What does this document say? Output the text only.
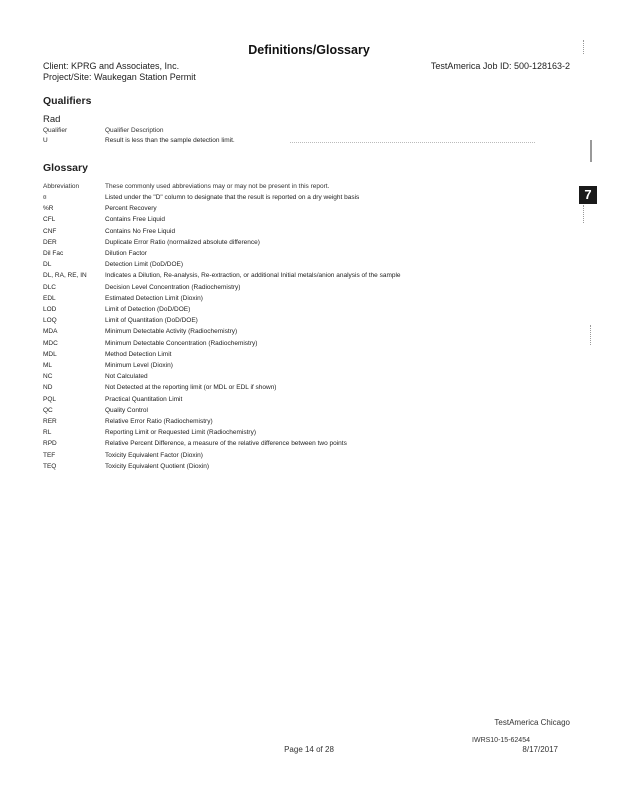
Definitions/Glossary
Client: KPRG and Associates, Inc.
Project/Site: Waukegan Station Permit
TestAmerica Job ID: 500-128163-2
Qualifiers
Rad
Qualifier	Qualifier Description
U	Result is less than the sample detection limit.
Glossary
Abbreviation	These commonly used abbreviations may or may not be present in this report.
¤	Listed under the "D" column to designate that the result is reported on a dry weight basis
%R	Percent Recovery
CFL	Contains Free Liquid
CNF	Contains No Free Liquid
DER	Duplicate Error Ratio (normalized absolute difference)
Dil Fac	Dilution Factor
DL	Detection Limit (DoD/DOE)
DL, RA, RE, IN	Indicates a Dilution, Re-analysis, Re-extraction, or additional Initial metals/anion analysis of the sample
DLC	Decision Level Concentration (Radiochemistry)
EDL	Estimated Detection Limit (Dioxin)
LOD	Limit of Detection (DoD/DOE)
LOQ	Limit of Quantitation (DoD/DOE)
MDA	Minimum Detectable Activity (Radiochemistry)
MDC	Minimum Detectable Concentration (Radiochemistry)
MDL	Method Detection Limit
ML	Minimum Level (Dioxin)
NC	Not Calculated
ND	Not Detected at the reporting limit (or MDL or EDL if shown)
PQL	Practical Quantitation Limit
QC	Quality Control
RER	Relative Error Ratio (Radiochemistry)
RL	Reporting Limit or Requested Limit (Radiochemistry)
RPD	Relative Percent Difference, a measure of the relative difference between two points
TEF	Toxicity Equivalent Factor (Dioxin)
TEQ	Toxicity Equivalent Quotient (Dioxin)
7
TestAmerica Chicago
Page 14 of 28
IWRS10-15-62454
8/17/2017
